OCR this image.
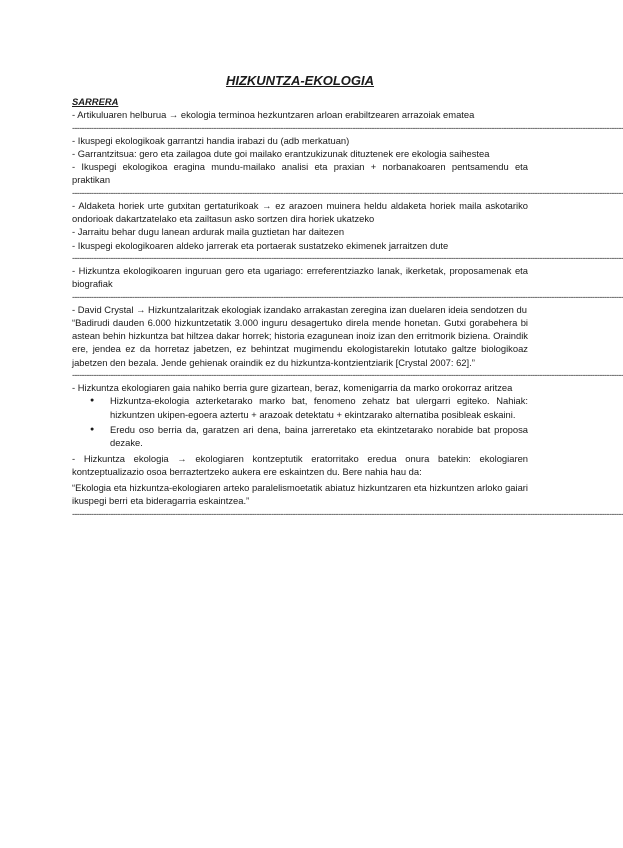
HIZKUNTZA-EKOLOGIA

SARRERA

- Artikuluaren helburua → ekologia terminoa hezkuntzaren arloan erabiltzearen arrazoiak ematea

--------------------------------------------------------------------------------------------------------------------------------------------------------------------------------------------------------------------------------------

- Ikuspegi ekologikoak garrantzi handia irabazi du (adb merkatuan)

- Garrantzitsua: gero eta zailagoa dute goi mailako erantzukizunak dituztenek ere ekologia saihestea

- Ikuspegi ekologikoa eragina mundu-mailako analisi eta praxian + norbanakoaren pentsamendu eta praktikan

--------------------------------------------------------------------------------------------------------------------------------------------------------------------------------------------------------------------------------------

- Aldaketa horiek urte gutxitan gertaturikoak → ez arazoen muinera heldu aldaketa horiek maila askotariko ondorioak dakartzatelako eta zailtasun asko sortzen dira horiek ukatzeko

- Jarraitu behar dugu lanean ardurak maila guztietan har daitezen

- Ikuspegi ekologikoaren aldeko jarrerak eta portaerak sustatzeko ekimenek jarraitzen dute

--------------------------------------------------------------------------------------------------------------------------------------------------------------------------------------------------------------------------------------

- Hizkuntza ekologikoaren inguruan gero eta ugariago: erreferentziazko lanak, ikerketak, proposamenak eta biografiak

--------------------------------------------------------------------------------------------------------------------------------------------------------------------------------------------------------------------------------------

- David Crystal → Hizkuntzalaritzak ekologiak izandako arrakastan zeregina izan duelaren ideia sendotzen du

“Badirudi dauden 6.000 hizkuntzetatik 3.000 inguru desagertuko direla mende honetan. Gutxi gorabehera bi astean behin hizkuntza bat hiltzea dakar horrek; historia ezagunean inoiz izan den erritmorik biziena. Oraindik ere, jendea ez da horretaz jabetzen, ez behintzat mugimendu ekologistarekin lotutako galtze biologikoaz jabetzen den bezala. Jende gehienak oraindik ez du hizkuntza-kontzientziarik [Crystal 2007: 62].”

--------------------------------------------------------------------------------------------------------------------------------------------------------------------------------------------------------------------------------------

- Hizkuntza ekologiaren gaia nahiko berria gure gizartean, beraz, komenigarria da marko orokorraz aritzea

● Hizkuntza-ekologia azterketarako marko bat, fenomeno zehatz bat ulergarri egiteko. Nahiak: hizkuntzen ukipen-egoera aztertu + arazoak detektatu + ekintzarako alternatiba posibleak eskaini.
● Eredu oso berria da, garatzen ari dena, baina jarreretako eta ekintzetarako norabide bat proposa dezake.

- Hizkuntza ekologia → ekologiaren kontzeptutik eratorritako eredua onura batekin: ekologiaren kontzeptualizazio osoa berraztertzeko aukera ere eskaintzen du. Bere nahia hau da:

“Ekologia eta hizkuntza-ekologiaren arteko paralelismoetatik abiatuz hizkuntzaren eta hizkuntzen arloko gaiari ikuspegi berri eta bideragarria eskaintzea.”

--------------------------------------------------------------------------------------------------------------------------------------------------------------------------------------------------------------------------------------
